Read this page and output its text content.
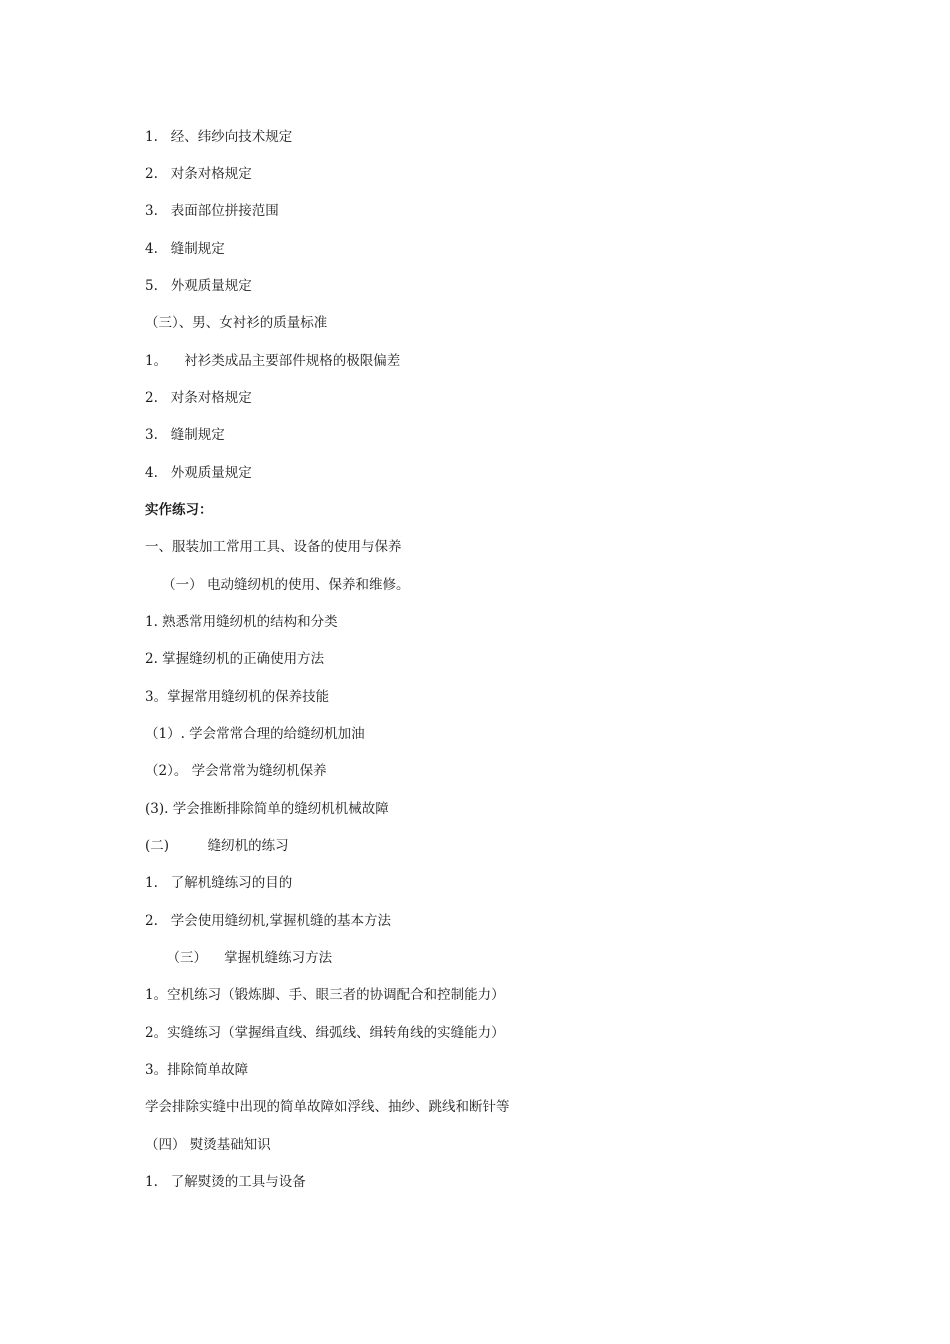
1.   经、纬纱向技术规定
2.   对条对格规定
3.   表面部位拼接范围
4.   缝制规定
5.   外观质量规定
（三）、男、女衬衫的质量标准
1。    衬衫类成品主要部件规格的极限偏差
2.   对条对格规定
3.   缝制规定
4.   外观质量规定
实作练习：
一、服装加工常用工具、设备的使用与保养
（一） 电动缝纫机的使用、保养和维修。
1. 熟悉常用缝纫机的结构和分类
2. 掌握缝纫机的正确使用方法
3。掌握常用缝纫机的保养技能
（1）. 学会常常合理的给缝纫机加油
（2）。 学会常常为缝纫机保养
(3). 学会推断排除简单的缝纫机机械故障
(二)         缝纫机的练习
1.   了解机缝练习的目的
2.   学会使用缝纫机,掌握机缝的基本方法
（三）    掌握机缝练习方法
1。空机练习（锻炼脚、手、眼三者的协调配合和控制能力）
2。实缝练习（掌握缉直线、缉弧线、缉转角线的实缝能力）
3。排除简单故障
学会排除实缝中出现的简单故障如浮线、抽纱、跳线和断针等
（四） 熨烫基础知识
1.   了解熨烫的工具与设备
